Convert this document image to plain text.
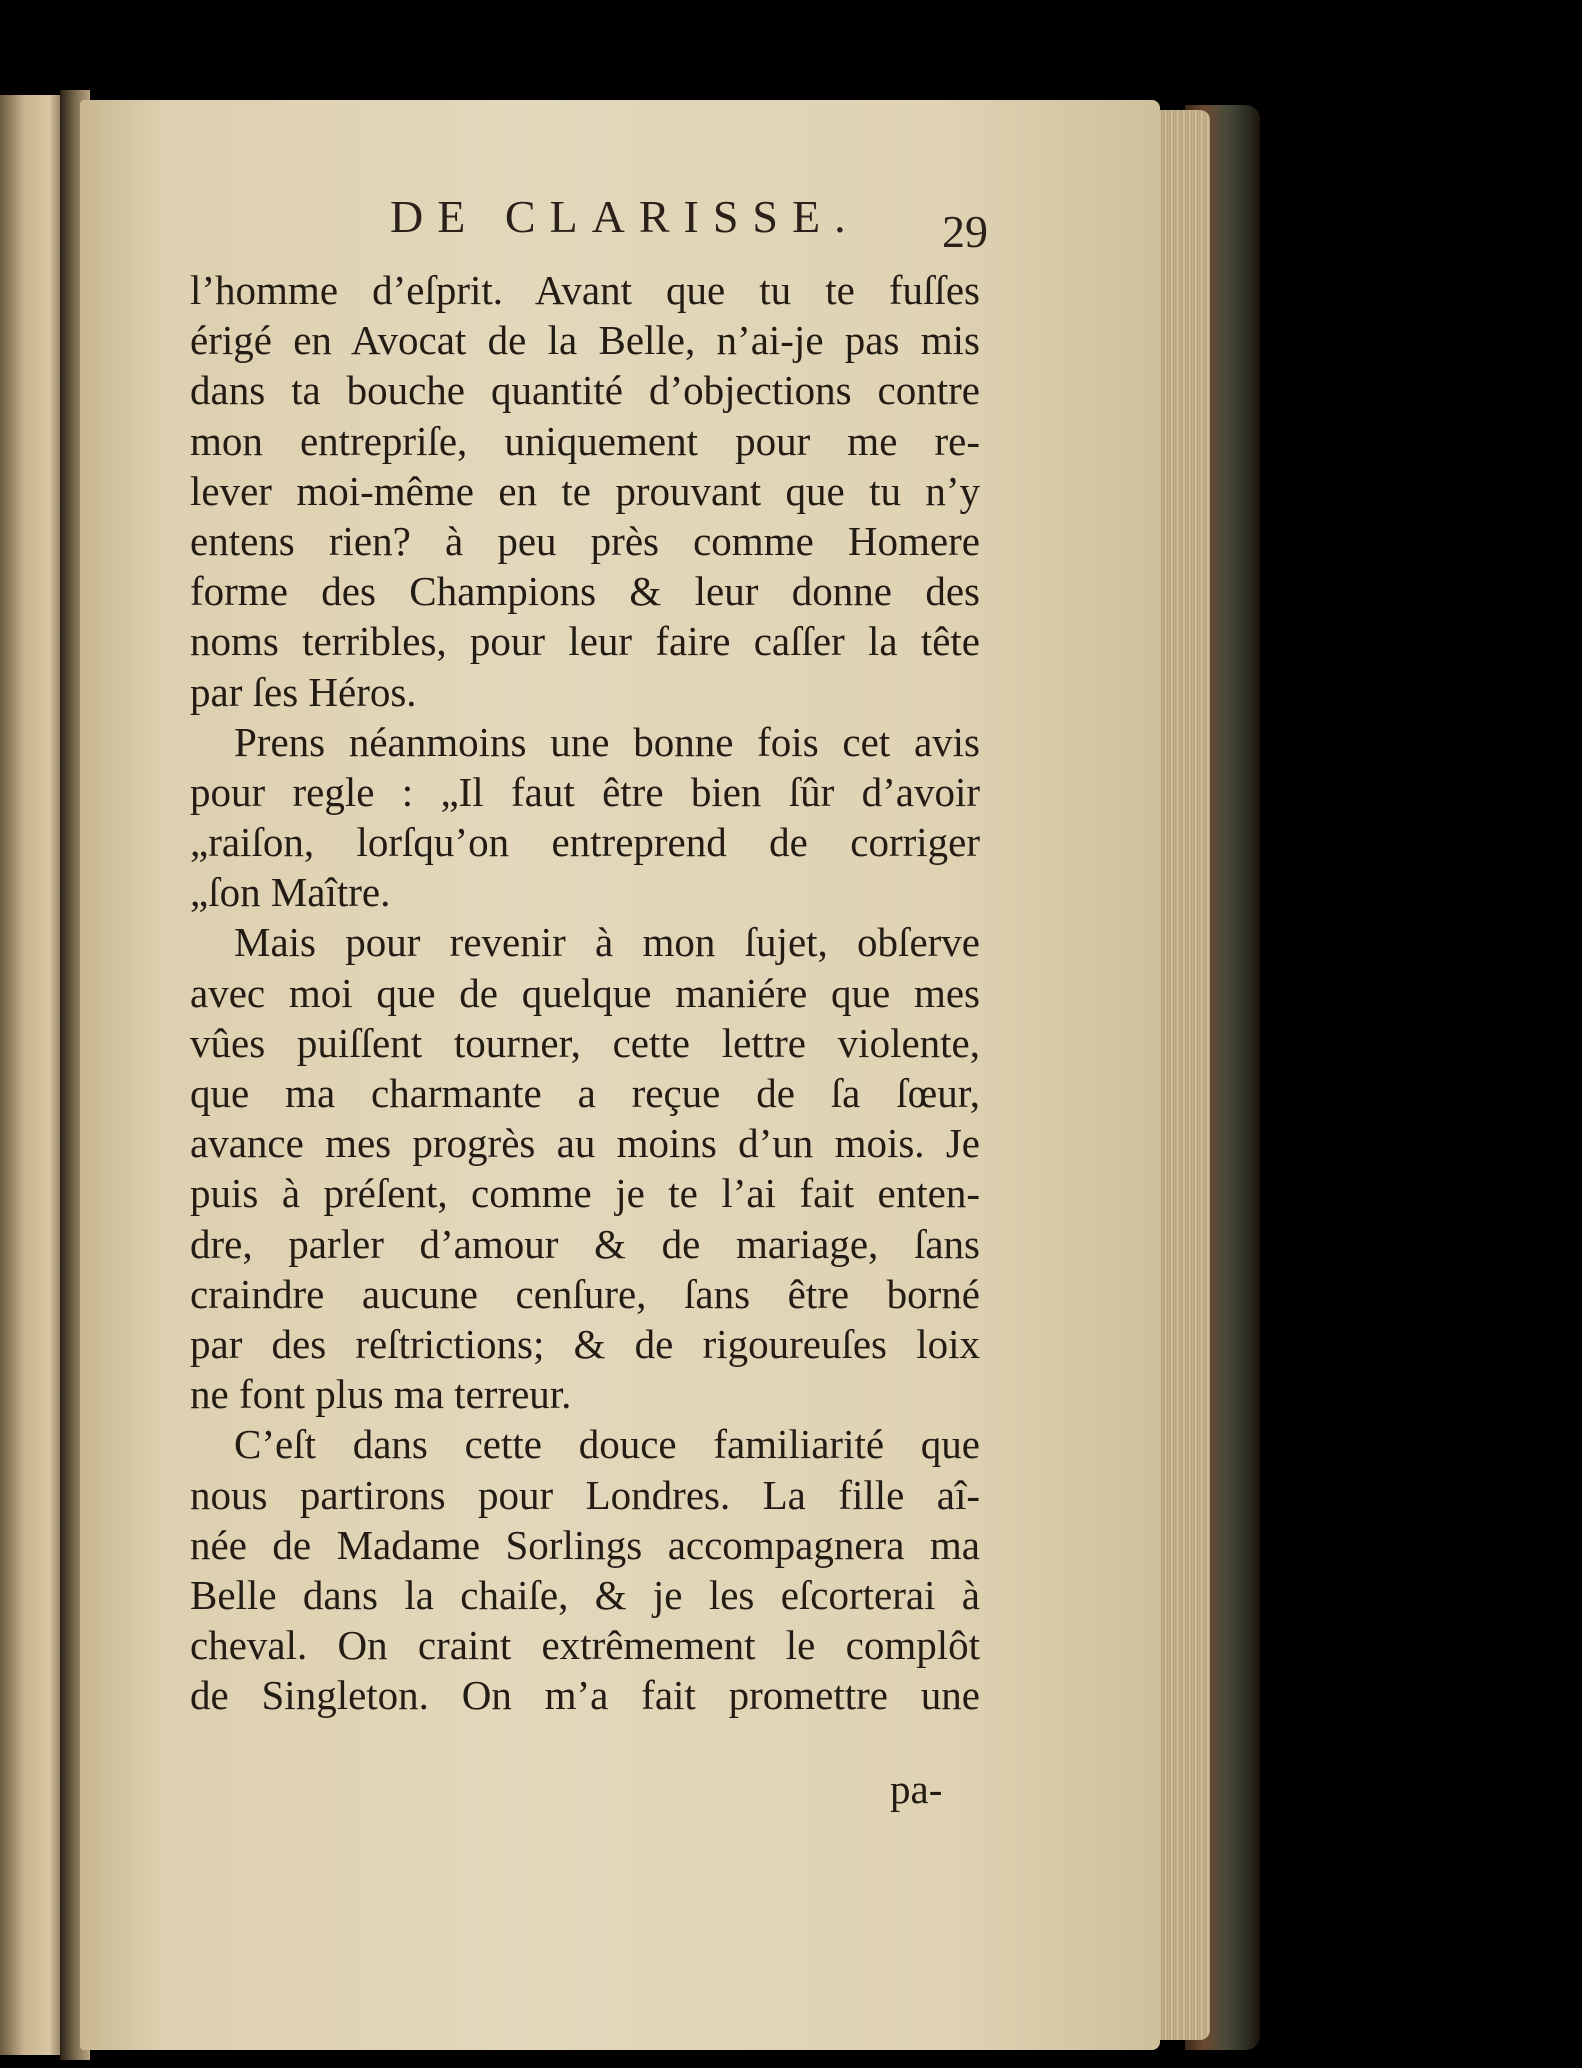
DE CLARISSE. 29
l’homme d’eſprit. Avant que tu te fuſſes
érigé en Avocat de la Belle, n’ai-je pas mis
dans ta bouche quantité d’objections contre
mon entrepriſe, uniquement pour me re-
lever moi-même en te prouvant que tu n’y
entens rien? à peu près comme Homere
forme des Champions & leur donne des
noms terribles, pour leur faire caſſer la tête
par ſes Héros.
Prens néanmoins une bonne fois cet avis
pour regle : „Il faut être bien ſûr d’avoir
„raiſon, lorſqu’on entreprend de corriger
„ſon Maître.
Mais pour revenir à mon ſujet, obſerve
avec moi que de quelque maniére que mes
vûes puiſſent tourner, cette lettre violente,
que ma charmante a reçue de ſa ſœur,
avance mes progrès au moins d’un mois. Je
puis à préſent, comme je te l’ai fait enten-
dre, parler d’amour & de mariage, ſans
craindre aucune cenſure, ſans être borné
par des reſtrictions; & de rigoureuſes loix
ne font plus ma terreur.
C’eſt dans cette douce familiarité que
nous partirons pour Londres. La fille aî-
née de Madame Sorlings accompagnera ma
Belle dans la chaiſe, & je les eſcorterai à
cheval. On craint extrêmement le complôt
de Singleton. On m’a fait promettre une
pa-
